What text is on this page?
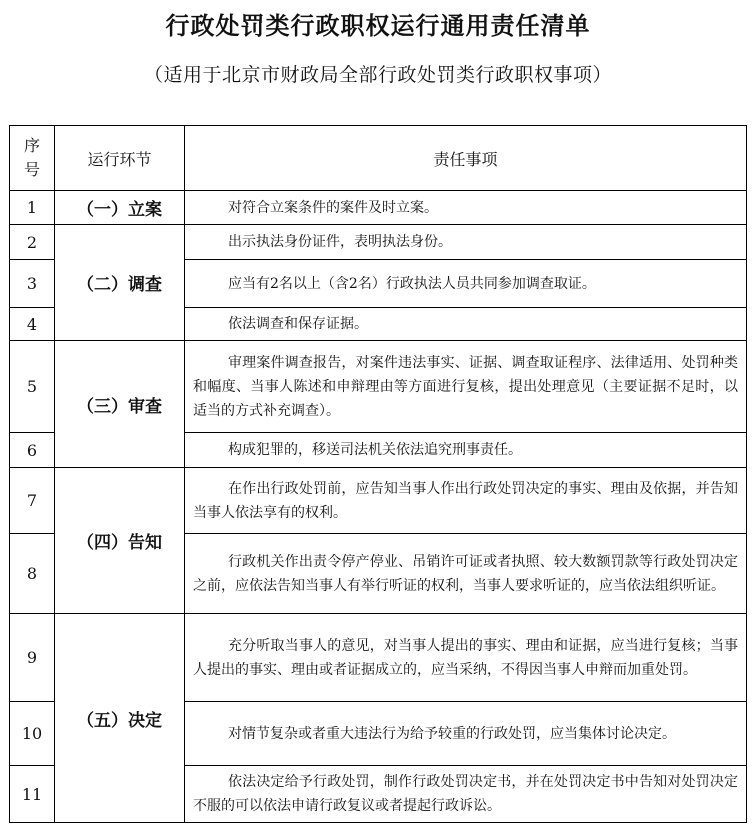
行政处罚类行政职权运行通用责任清单
（适用于北京市财政局全部行政处罚类行政职权事项）
序
号	运行环节	责任事项
1	（一）立案	对符合立案条件的案件及时立案。
2	（二）调查	出示执法身份证件，表明执法身份。
3		应当有2名以上（含2名）行政执法人员共同参加调查取证。
4		依法调查和保存证据。
5	（三）审查	审理案件调查报告，对案件违法事实、证据、调查取证程序、法律适用、处罚种类和幅度、当事人陈述和申辩理由等方面进行复核，提出处理意见（主要证据不足时，以适当的方式补充调查）。
6		构成犯罪的，移送司法机关依法追究刑事责任。
7	（四）告知	在作出行政处罚前，应告知当事人作出行政处罚决定的事实、理由及依据，并告知当事人依法享有的权利。
8		行政机关作出责令停产停业、吊销许可证或者执照、较大数额罚款等行政处罚决定之前，应依法告知当事人有举行听证的权利，当事人要求听证的，应当依法组织听证。
9	（五）决定	充分听取当事人的意见，对当事人提出的事实、理由和证据，应当进行复核；当事人提出的事实、理由或者证据成立的，应当采纳，不得因当事人申辩而加重处罚。
10		对情节复杂或者重大违法行为给予较重的行政处罚，应当集体讨论决定。
11		依法决定给予行政处罚，制作行政处罚决定书，并在处罚决定书中告知对处罚决定不服的可以依法申请行政复议或者提起行政诉讼。
